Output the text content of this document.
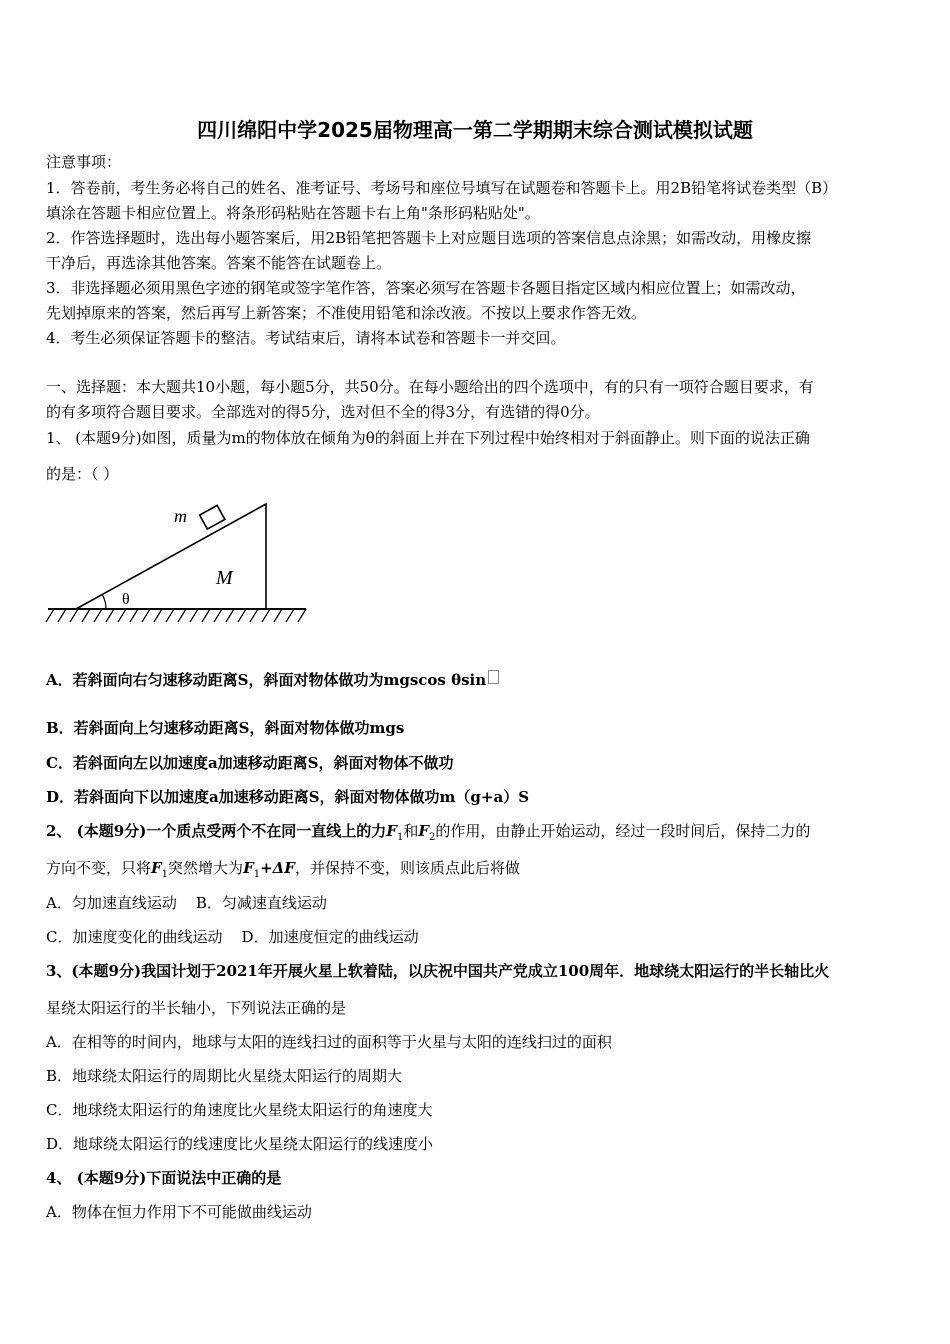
四川绵阳中学2025届物理高一第二学期期末综合测试模拟试题
注意事项：
1．答卷前，考生务必将自己的姓名、准考证号、考场号和座位号填写在试题卷和答题卡上。用2B铅笔将试卷类型（B）
填涂在答题卡相应位置上。将条形码粘贴在答题卡右上角"条形码粘贴处"。
2．作答选择题时，选出每小题答案后，用2B铅笔把答题卡上对应题目选项的答案信息点涂黑；如需改动，用橡皮擦
干净后，再选涂其他答案。答案不能答在试题卷上。
3．非选择题必须用黑色字迹的钢笔或签字笔作答，答案必须写在答题卡各题目指定区域内相应位置上；如需改动，
先划掉原来的答案，然后再写上新答案；不准使用铅笔和涂改液。不按以上要求作答无效。
4．考生必须保证答题卡的整洁。考试结束后，请将本试卷和答题卡一并交回。
一、选择题：本大题共10小题，每小题5分，共50分。在每小题给出的四个选项中，有的只有一项符合题目要求，有
的有多项符合题目要求。全部选对的得5分，选对但不全的得3分，有选错的得0分。
1、 (本题9分)如图，质量为m的物体放在倾角为θ的斜面上并在下列过程中始终相对于斜面静止。则下面的说法正确
的是：（ ）
m
M
θ
A．若斜面向右匀速移动距离S，斜面对物体做功为mgscos θsin
B．若斜面向上匀速移动距离S，斜面对物体做功mgs
C．若斜面向左以加速度a加速移动距离S，斜面对物体不做功
D．若斜面向下以加速度a加速移动距离S，斜面对物体做功m（g+a）S
2、 (本题9分)一个质点受两个不在同一直线上的力$F_1$和$F_2$的作用，由静止开始运动，经过一段时间后，保持二力的
方向不变，只将$F_1$突然增大为$F_1+\Delta F$，并保持不变，则该质点此后将做
A．匀加速直线运动    B．匀减速直线运动
C．加速度变化的曲线运动    D．加速度恒定的曲线运动
3、(本题9分)我国计划于2021年开展火星上软着陆，以庆祝中国共产党成立100周年．地球绕太阳运行的半长轴比火
星绕太阳运行的半长轴小，下列说法正确的是
A．在相等的时间内，地球与太阳的连线扫过的面积等于火星与太阳的连线扫过的面积
B．地球绕太阳运行的周期比火星绕太阳运行的周期大
C．地球绕太阳运行的角速度比火星绕太阳运行的角速度大
D．地球绕太阳运行的线速度比火星绕太阳运行的线速度小
4、 (本题9分)下面说法中正确的是
A．物体在恒力作用下不可能做曲线运动
